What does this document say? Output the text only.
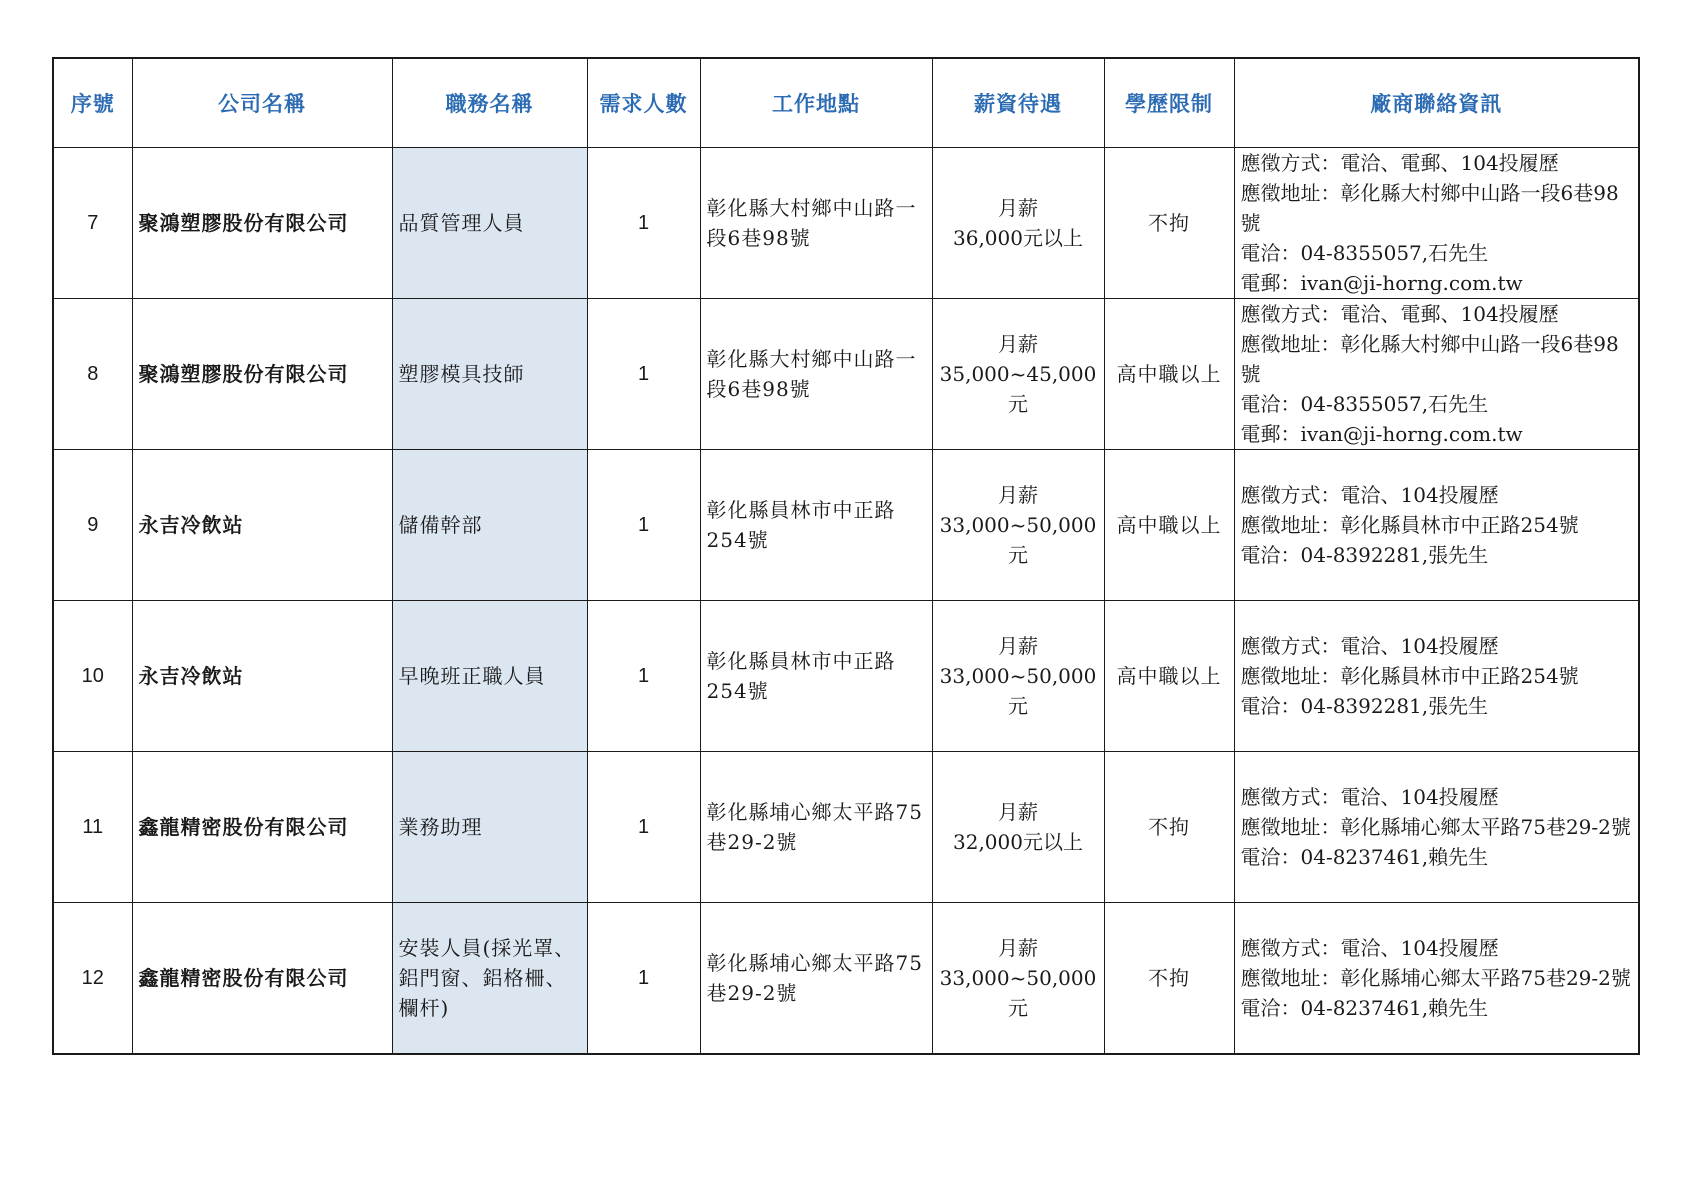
序號	公司名稱	職務名稱	需求人數	工作地點	薪資待遇	學歷限制	廠商聯絡資訊
7	聚鴻塑膠股份有限公司	品質管理人員	1	彰化縣大村鄉中山路一段6巷98號	月薪
36,000元以上	不拘	應徵方式：電洽、電郵、104投履歷
應徵地址：彰化縣大村鄉中山路一段6巷98號
電洽：04-8355057,石先生
電郵：ivan@ji-horng.com.tw

8	聚鴻塑膠股份有限公司	塑膠模具技師	1	彰化縣大村鄉中山路一段6巷98號	月薪
35,000~45,000
元	高中職以上	應徵方式：電洽、電郵、104投履歷
應徵地址：彰化縣大村鄉中山路一段6巷98號
電洽：04-8355057,石先生
電郵：ivan@ji-horng.com.tw

9	永吉冷飲站	儲備幹部	1	彰化縣員林市中正路254號	月薪
33,000~50,000
元	高中職以上	應徵方式：電洽、104投履歷
應徵地址：彰化縣員林市中正路254號
電洽：04-8392281,張先生

10	永吉冷飲站	早晚班正職人員	1	彰化縣員林市中正路254號	月薪
33,000~50,000
元	高中職以上	應徵方式：電洽、104投履歷
應徵地址：彰化縣員林市中正路254號
電洽：04-8392281,張先生

11	鑫龍精密股份有限公司	業務助理	1	彰化縣埔心鄉太平路75巷29-2號	月薪
32,000元以上	不拘	應徵方式：電洽、104投履歷
應徵地址：彰化縣埔心鄉太平路75巷29-2號
電洽：04-8237461,賴先生

12	鑫龍精密股份有限公司	安裝人員(採光罩、鋁門窗、鋁格柵、欄杆)	1	彰化縣埔心鄉太平路75巷29-2號	月薪
33,000~50,000
元	不拘	應徵方式：電洽、104投履歷
應徵地址：彰化縣埔心鄉太平路75巷29-2號
電洽：04-8237461,賴先生
